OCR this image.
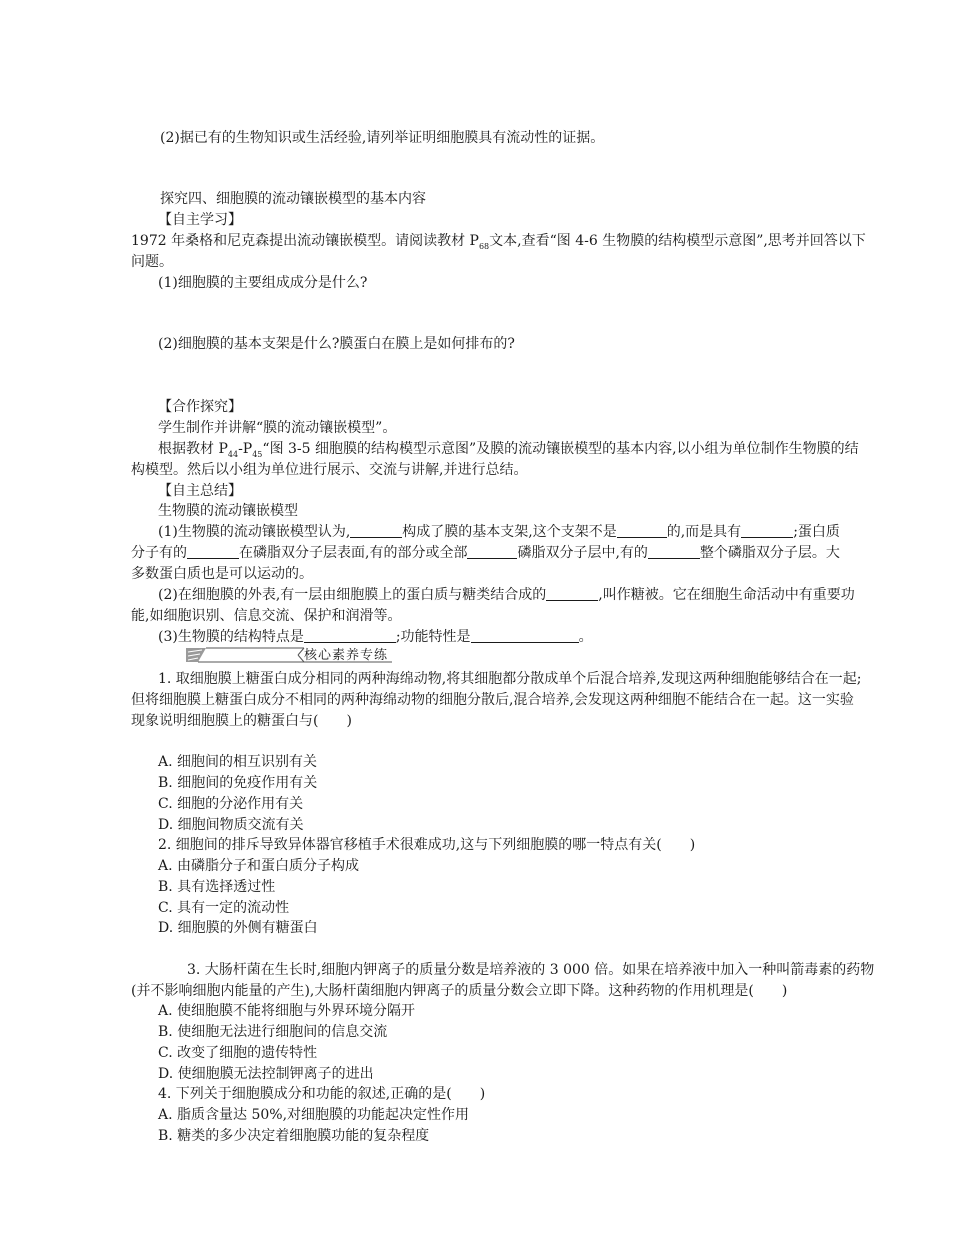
(2)据已有的生物知识或生活经验,请列举证明细胞膜具有流动性的证据。
探究四、细胞膜的流动镶嵌模型的基本内容
【自主学习】
1972 年桑格和尼克森提出流动镶嵌模型。请阅读教材 $P_{68}$文本,查看“图 4-6 生物膜的结构模型示意图”,思考并回答以下
问题。
(1)细胞膜的主要组成成分是什么?
(2)细胞膜的基本支架是什么?膜蛋白在膜上是如何排布的?
【合作探究】
学生制作并讲解“膜的流动镶嵌模型”。
根据教材 $P_{44}-P_{45}“$图 3-5 细胞膜的结构模型示意图”及膜的流动镶嵌模型的基本内容,以小组为单位制作生物膜的结
构模型。然后以小组为单位进行展示、交流与讲解,并进行总结。
【自主总结】
生物膜的流动镶嵌模型
(1)生物膜的流动镶嵌模型认为,	构成了膜的基本支架,这个支架不是	的,而是具有	;蛋白质
分子有的	在磷脂双分子层表面,有的部分或全部	磷脂双分子层中,有的	整个磷脂双分子层。大
多数蛋白质也是可以运动的。
(2)在细胞膜的外表,有一层由细胞膜上的蛋白质与糖类结合成的	,叫作糖被。它在细胞生命活动中有重要功
能,如细胞识别、信息交流、保护和润滑等。
(3)生物膜的结构特点是	;功能特性是	。
核心素养专练
1. 取细胞膜上糖蛋白成分相同的两种海绵动物,将其细胞都分散成单个后混合培养,发现这两种细胞能够结合在一起;
但将细胞膜上糖蛋白成分不相同的两种海绵动物的细胞分散后,混合培养,会发现这两种细胞不能结合在一起。这一实验
现象说明细胞膜上的糖蛋白与(　　)
A. 细胞间的相互识别有关
B. 细胞间的免疫作用有关
C. 细胞的分泌作用有关
D. 细胞间物质交流有关
2. 细胞间的排斥导致异体器官移植手术很难成功,这与下列细胞膜的哪一特点有关(　　)
A. 由磷脂分子和蛋白质分子构成
B. 具有选择透过性
C. 具有一定的流动性
D. 细胞膜的外侧有糖蛋白
3. 大肠杆菌在生长时,细胞内钾离子的质量分数是培养液的 3 000 倍。如果在培养液中加入一种叫箭毒素的药物
(并不影响细胞内能量的产生),大肠杆菌细胞内钾离子的质量分数会立即下降。这种药物的作用机理是(　　)
A. 使细胞膜不能将细胞与外界环境分隔开
B. 使细胞无法进行细胞间的信息交流
C. 改变了细胞的遗传特性
D. 使细胞膜无法控制钾离子的进出
4. 下列关于细胞膜成分和功能的叙述,正确的是(　　)
A. 脂质含量达 50%,对细胞膜的功能起决定性作用
B. 糖类的多少决定着细胞膜功能的复杂程度
